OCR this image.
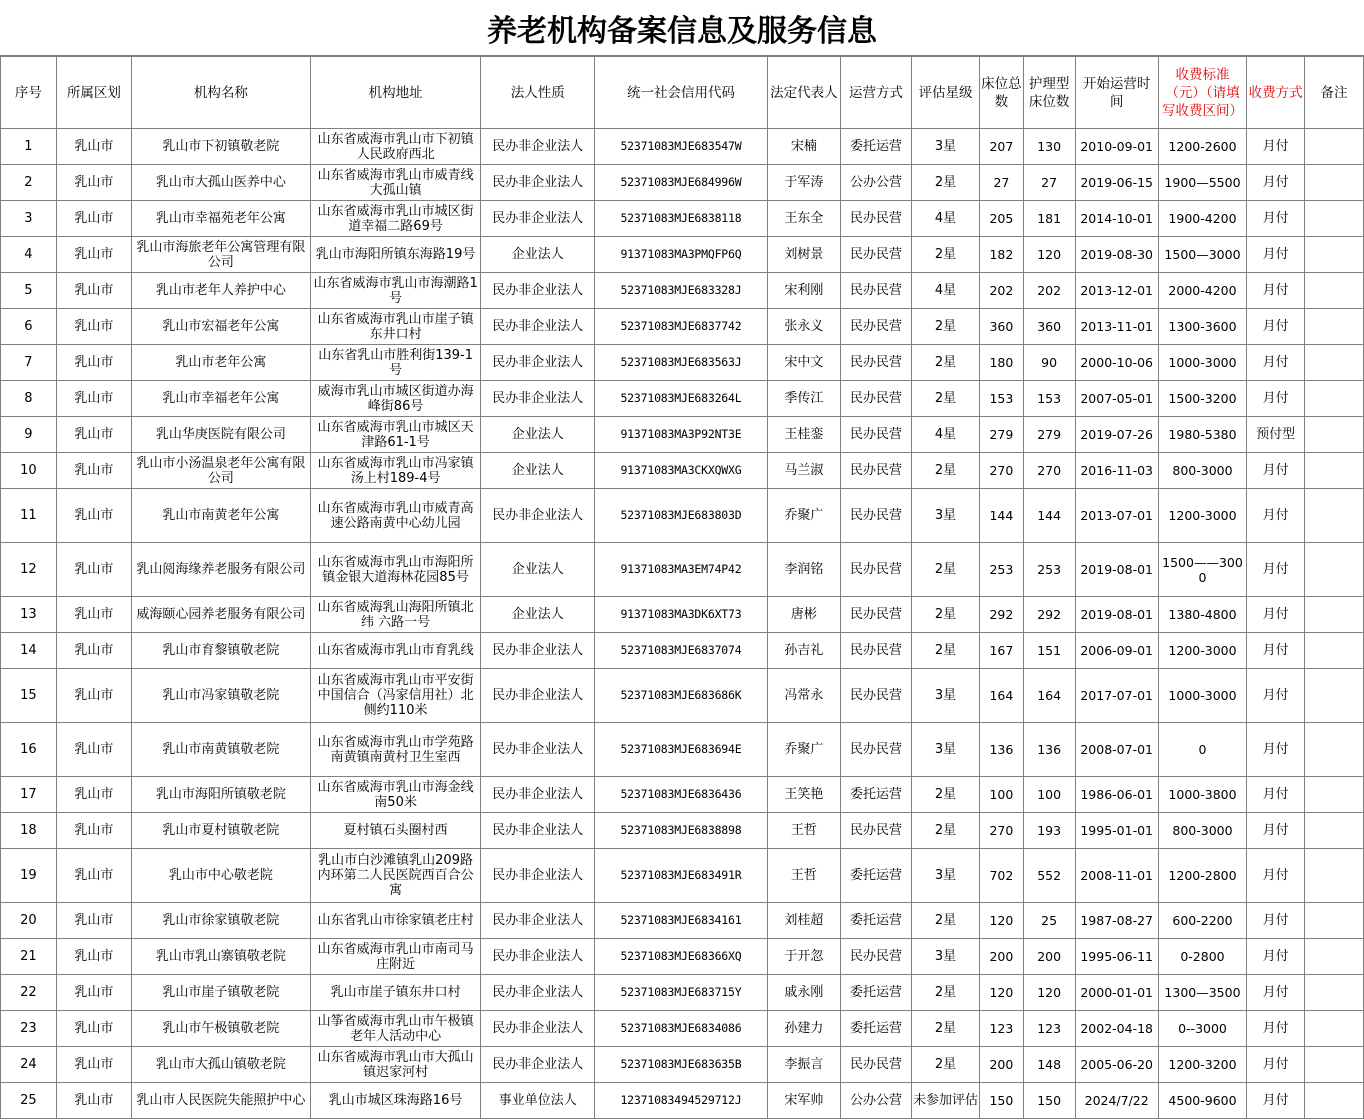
养老机构备案信息及服务信息
序号	所属区划	机构名称	机构地址	法人性质	统一社会信用代码	法定代表人	运营方式	评估星级	床位总数	护理型床位数	开始运营时间	收费标准（元）（请填写收费区间）	收费方式	备注
1	乳山市	乳山市下初镇敬老院	山东省威海市乳山市下初镇人民政府西北	民办非企业法人	52371083MJE683547W	宋楠	委托运营	3星	207	130	2010-09-01	1200-2600	月付	
2	乳山市	乳山市大孤山医养中心	山东省威海市乳山市威青线大孤山镇	民办非企业法人	52371083MJE684996W	于军涛	公办公营	2星	27	27	2019-06-15	1900—5500	月付	
3	乳山市	乳山市幸福苑老年公寓	山东省威海市乳山市城区街道幸福二路69号	民办非企业法人	52371083MJE6838118	王东全	民办民营	4星	205	181	2014-10-01	1900-4200	月付	
4	乳山市	乳山市海旅老年公寓管理有限公司	乳山市海阳所镇东海路19号	企业法人	91371083MA3PMQFP6Q	刘树景	民办民营	2星	182	120	2019-08-30	1500—3000	月付	
5	乳山市	乳山市老年人养护中心	山东省威海市乳山市海潮路1号	民办非企业法人	52371083MJE683328J	宋利刚	民办民营	4星	202	202	2013-12-01	2000-4200	月付	
6	乳山市	乳山市宏福老年公寓	山东省威海市乳山市崖子镇东井口村	民办非企业法人	52371083MJE6837742	张永义	民办民营	2星	360	360	2013-11-01	1300-3600	月付	
7	乳山市	乳山市老年公寓	山东省乳山市胜利街139-1号	民办非企业法人	52371083MJE683563J	宋中文	民办民营	2星	180	90	2000-10-06	1000-3000	月付	
8	乳山市	乳山市幸福老年公寓	威海市乳山市城区街道办海峰街86号	民办非企业法人	52371083MJE683264L	季传江	民办民营	2星	153	153	2007-05-01	1500-3200	月付	
9	乳山市	乳山华庚医院有限公司	山东省威海市乳山市城区天津路61-1号	企业法人	91371083MA3P92NT3E	王桂銮	民办民营	4星	279	279	2019-07-26	1980-5380	预付型	
10	乳山市	乳山市小汤温泉老年公寓有限公司	山东省威海市乳山市冯家镇汤上村189-4号	企业法人	91371083MA3CKXQWXG	马兰淑	民办民营	2星	270	270	2016-11-03	800-3000	月付	
11	乳山市	乳山市南黄老年公寓	山东省威海市乳山市威青高速公路南黄中心幼儿园	民办非企业法人	52371083MJE683803D	乔聚广	民办民营	3星	144	144	2013-07-01	1200-3000	月付	
12	乳山市	乳山阅海缘养老服务有限公司	山东省威海市乳山市海阳所镇金银大道海林花园85号	企业法人	91371083MA3EM74P42	李润铭	民办民营	2星	253	253	2019-08-01	1500——3000	月付	
13	乳山市	威海颐心园养老服务有限公司	山东省威海乳山海阳所镇北纬 六路一号	企业法人	91371083MA3DK6XT73	唐彬	民办民营	2星	292	292	2019-08-01	1380-4800	月付	
14	乳山市	乳山市育黎镇敬老院	山东省威海市乳山市育乳线	民办非企业法人	52371083MJE6837074	孙吉礼	民办民营	2星	167	151	2006-09-01	1200-3000	月付	
15	乳山市	乳山市冯家镇敬老院	山东省威海市乳山市平安街中国信合（冯家信用社）北侧约110米	民办非企业法人	52371083MJE683686K	冯常永	民办民营	3星	164	164	2017-07-01	1000-3000	月付	
16	乳山市	乳山市南黄镇敬老院	山东省威海市乳山市学苑路南黄镇南黄村卫生室西	民办非企业法人	52371083MJE683694E	乔聚广	民办民营	3星	136	136	2008-07-01	0	月付	
17	乳山市	乳山市海阳所镇敬老院	山东省威海市乳山市海金线南50米	民办非企业法人	52371083MJE6836436	王笑艳	委托运营	2星	100	100	1986-06-01	1000-3800	月付	
18	乳山市	乳山市夏村镇敬老院	夏村镇石头圈村西	民办非企业法人	52371083MJE6838898	王哲	民办民营	2星	270	193	1995-01-01	800-3000	月付	
19	乳山市	乳山市中心敬老院	乳山市白沙滩镇乳山209路内环第二人民医院西百合公寓	民办非企业法人	52371083MJE683491R	王哲	委托运营	3星	702	552	2008-11-01	1200-2800	月付	
20	乳山市	乳山市徐家镇敬老院	山东省乳山市徐家镇老庄村	民办非企业法人	52371083MJE6834161	刘桂超	委托运营	2星	120	25	1987-08-27	600-2200	月付	
21	乳山市	乳山市乳山寨镇敬老院	山东省威海市乳山市南司马庄附近	民办非企业法人	52371083MJE68366XQ	于开忽	民办民营	3星	200	200	1995-06-11	0-2800	月付	
22	乳山市	乳山市崖子镇敬老院	乳山市崖子镇东井口村	民办非企业法人	52371083MJE683715Y	戚永刚	委托运营	2星	120	120	2000-01-01	1300—3500	月付	
23	乳山市	乳山市午极镇敬老院	山筝省威海市乳山市午极镇老年人活动中心	民办非企业法人	52371083MJE6834086	孙建力	委托运营	2星	123	123	2002-04-18	0--3000	月付	
24	乳山市	乳山市大孤山镇敬老院	山东省威海市乳山市大孤山镇迟家河村	民办非企业法人	52371083MJE683635B	李振言	民办民营	2星	200	148	2005-06-20	1200-3200	月付	
25	乳山市	乳山市人民医院失能照护中心	乳山市城区珠海路16号	事业单位法人	12371083494529712J	宋军帅	公办公营	未参加评估	150	150	2024/7/22	4500-9600	月付	
